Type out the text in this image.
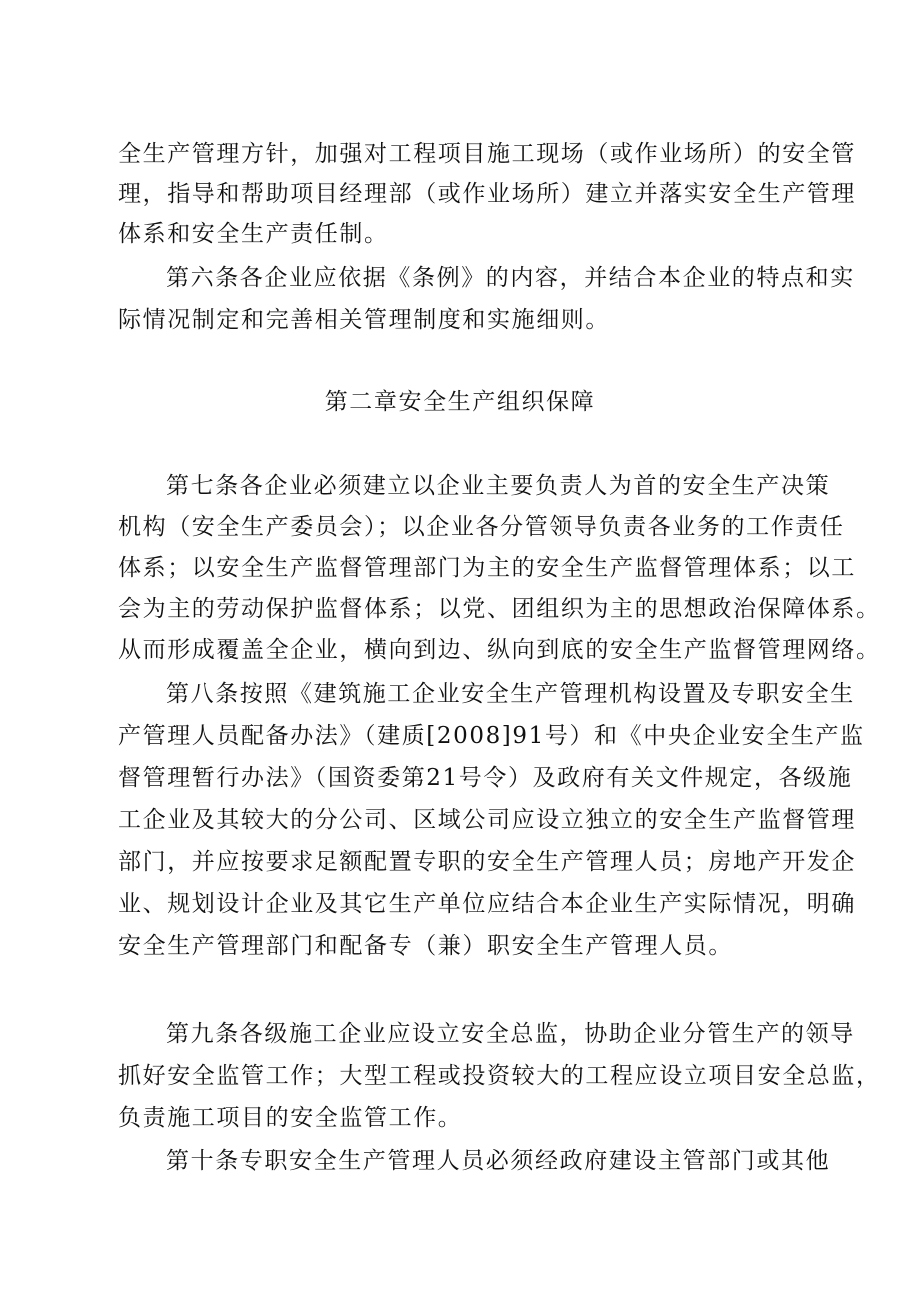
全生产管理方针，加强对工程项目施工现场（或作业场所）的安全管
理，指导和帮助项目经理部（或作业场所）建立并落实安全生产管理
体系和安全生产责任制。
第六条各企业应依据《条例》的内容，并结合本企业的特点和实
际情况制定和完善相关管理制度和实施细则。
第二章安全生产组织保障
第七条各企业必须建立以企业主要负责人为首的安全生产决策
机构（安全生产委员会）；以企业各分管领导负责各业务的工作责任
体系；以安全生产监督管理部门为主的安全生产监督管理体系；以工
会为主的劳动保护监督体系；以党、团组织为主的思想政治保障体系。
从而形成覆盖全企业，横向到边、纵向到底的安全生产监督管理网络。
第八条按照《建筑施工企业安全生产管理机构设置及专职安全生
产管理人员配备办法》（建质[2008]91号）和《中央企业安全生产监
督管理暂行办法》（国资委第21号令）及政府有关文件规定，各级施
工企业及其较大的分公司、区域公司应设立独立的安全生产监督管理
部门，并应按要求足额配置专职的安全生产管理人员；房地产开发企
业、规划设计企业及其它生产单位应结合本企业生产实际情况，明确
安全生产管理部门和配备专（兼）职安全生产管理人员。
第九条各级施工企业应设立安全总监，协助企业分管生产的领导
抓好安全监管工作；大型工程或投资较大的工程应设立项目安全总监，
负责施工项目的安全监管工作。
第十条专职安全生产管理人员必须经政府建设主管部门或其他
